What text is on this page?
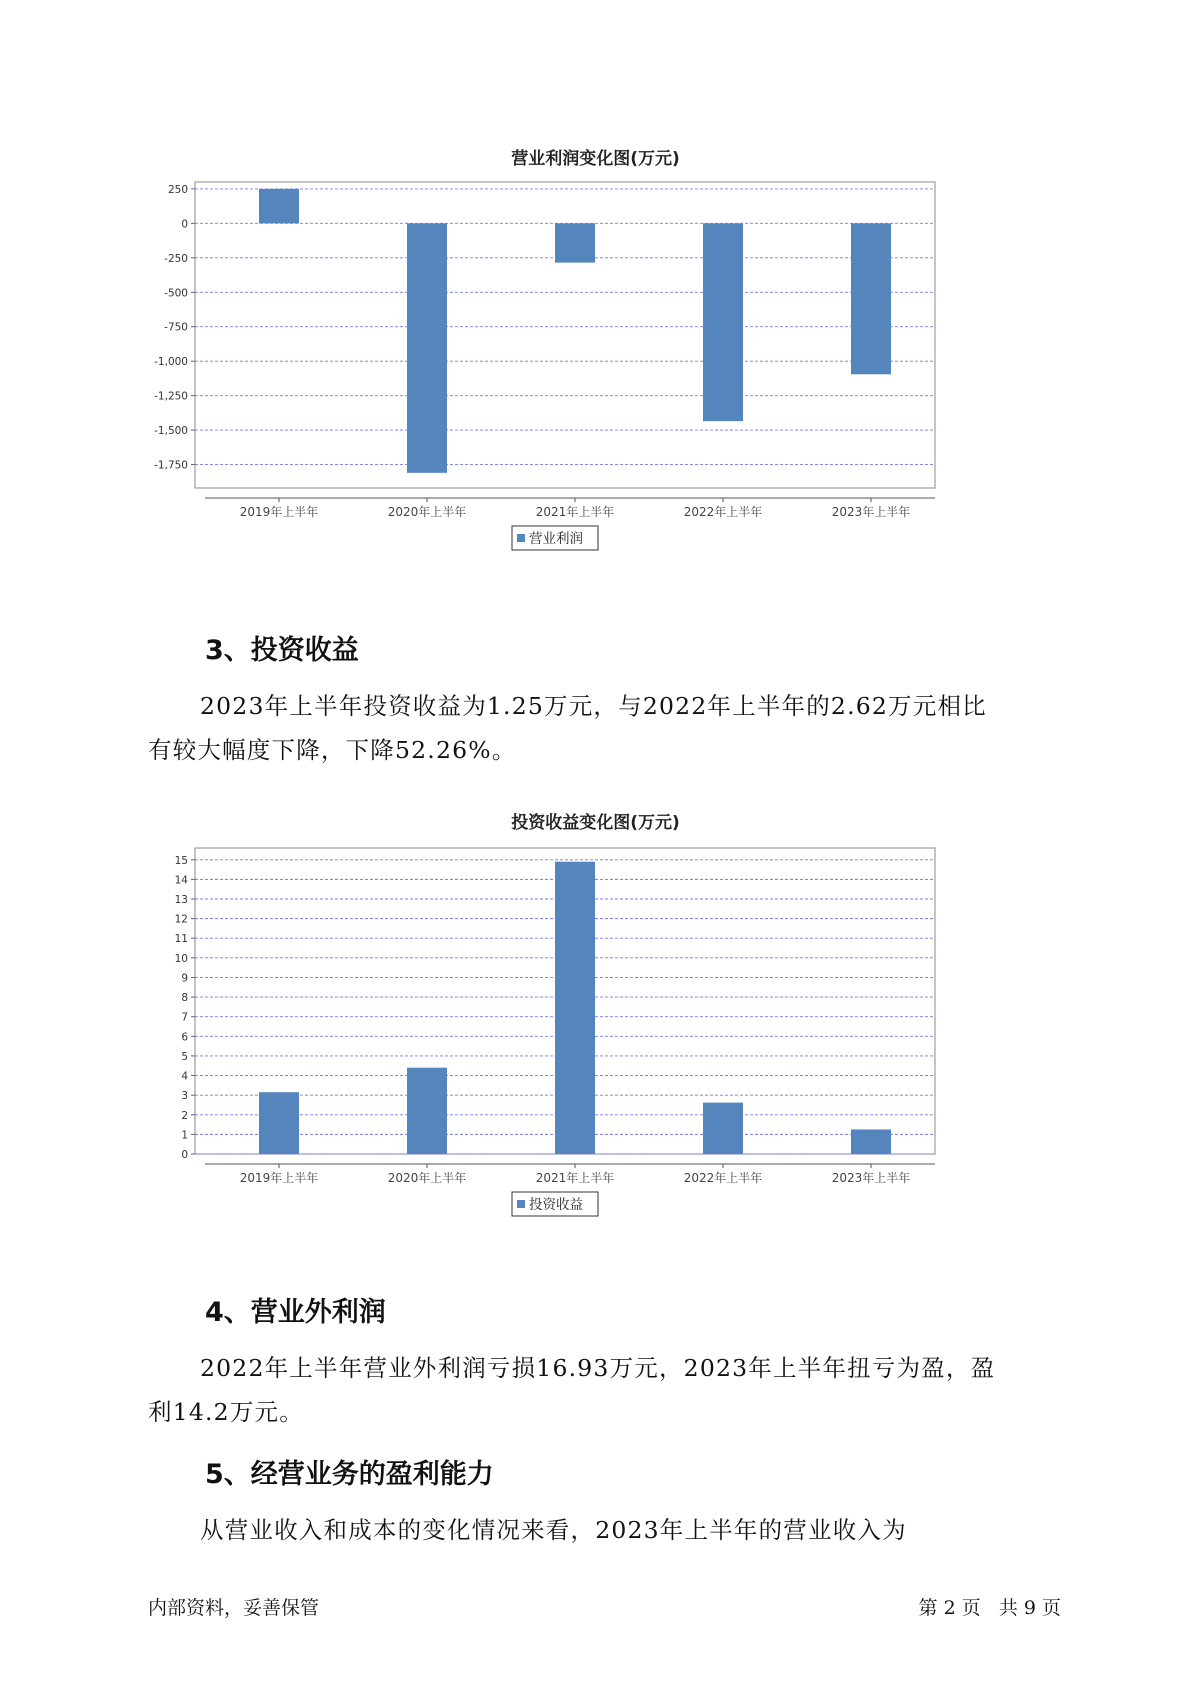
营业利润变化图(万元)
250
0
-250
-500
-750
-1,000
-1,250
-1,500
-1,750
2019年上半年	2020年上半年	2021年上半年	2022年上半年	2023年上半年
营业利润
3、投资收益
2023年上半年投资收益为1.25万元，与2022年上半年的2.62万元相比
有较大幅度下降，下降52.26%。
投资收益变化图(万元)
0
1
2
3
4
5
6
7
8
9
10
11
12
13
14
15
2019年上半年	2020年上半年	2021年上半年	2022年上半年	2023年上半年
投资收益
4、营业外利润
2022年上半年营业外利润亏损16.93万元，2023年上半年扭亏为盈，盈
利14.2万元。
5、经营业务的盈利能力
从营业收入和成本的变化情况来看，2023年上半年的营业收入为
内部资料，妥善保管	第 2 页   共 9 页
